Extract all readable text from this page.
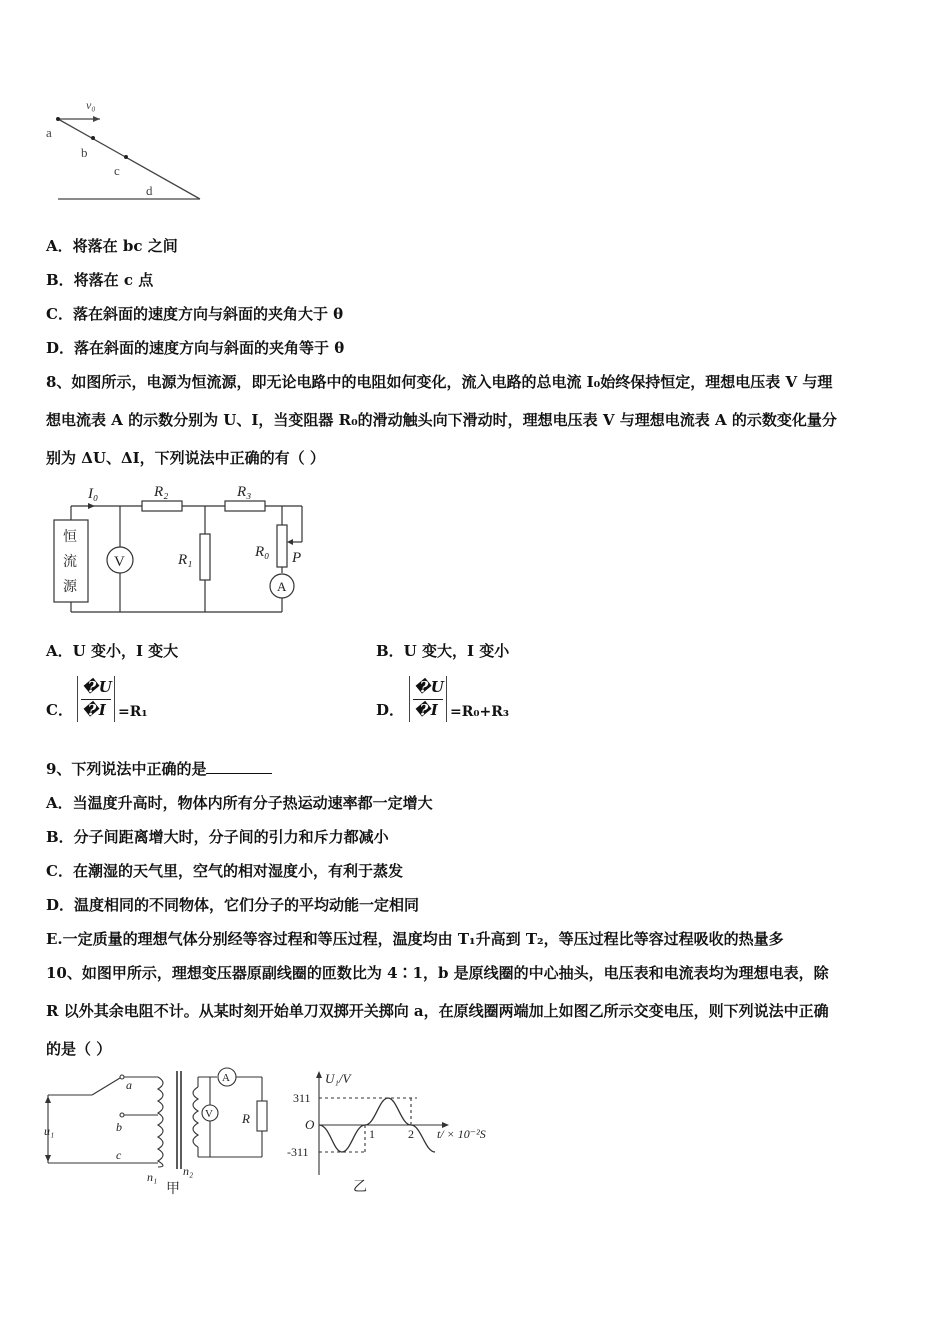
v₀
a
b
c
d
A．将落在 bc 之间
B．将落在 c 点
C．落在斜面的速度方向与斜面的夹角大于 θ
D．落在斜面的速度方向与斜面的夹角等于 θ
8、如图所示，电源为恒流源，即无论电路中的电阻如何变化，流入电路的总电流 I₀始终保持恒定，理想电压表 V 与理
想电流表 A 的示数分别为 U、I，当变阻器 R₀的滑动触头向下滑动时，理想电压表 V 与理想电流表 A 的示数变化量分
别为 ΔU、ΔI，下列说法中正确的有（ ）
I₀	R₂	R₃
R₁	R₀ P
V
A
恒
流
源
A．U 变小，I 变大	B．U 变大，I 变小
C．
�U
�I =R₁	D．
�U
�I =R₀+R₃
9、下列说法中正确的是
A．当温度升高时，物体内所有分子热运动速率都一定增大
B．分子间距离增大时，分子间的引力和斥力都减小
C．在潮湿的天气里，空气的相对湿度小，有利于蒸发
D．温度相同的不同物体，它们分子的平均动能一定相同
E.一定质量的理想气体分别经等容过程和等压过程，温度均由 T₁升高到 T₂，等压过程比等容过程吸收的热量多
10、如图甲所示，理想变压器原副线圈的匝数比为 4∶1，b 是原线圈的中心抽头，电压表和电流表均为理想电表，除
R 以外其余电阻不计。从某时刻开始单刀双掷开关掷向 a，在原线圈两端加上如图乙所示交变电压，则下列说法中正确
的是（ ）
a
b
c
u₁
n₁ n₂
A
V R
甲
U₁/V
311
-311
O
1	2 t/ × 10⁻²S
乙
